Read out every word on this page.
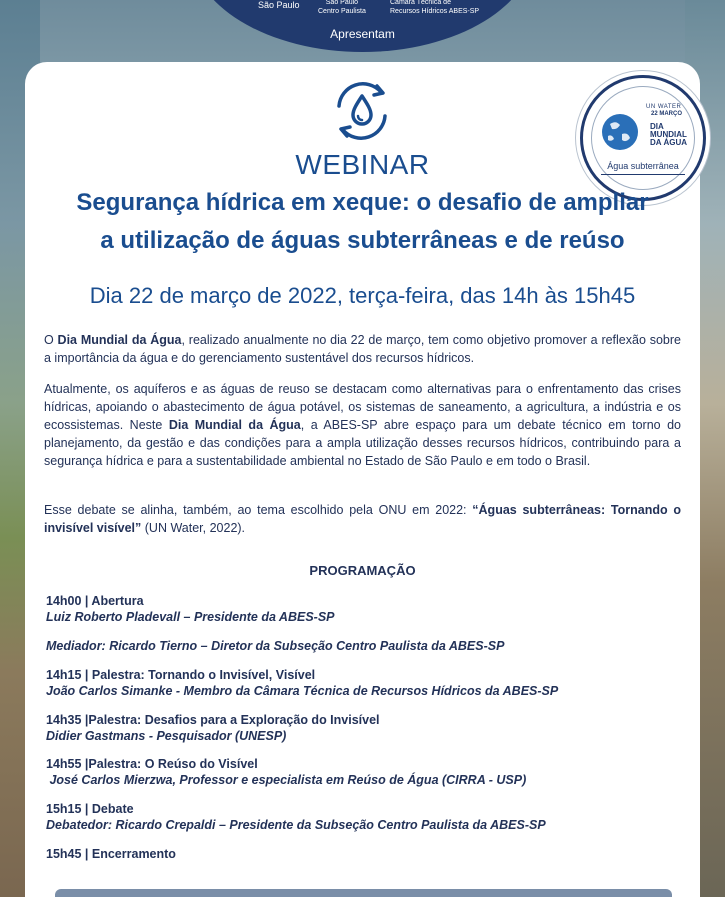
São Paulo	São Paulo
Centro Paulista
Câmara Técnica de
Recursos Hídricos ABES-SP
Apresentam
UN WATER
22 MARÇO
DIA
MUNDIAL
DA ÁGUA
Água subterrânea
WEBINAR
Segurança hídrica em xeque: o desafio de ampliar
a utilização de águas subterrâneas e de reúso
Dia 22 de março de 2022, terça-feira, das 14h às 15h45
O Dia Mundial da Água, realizado anualmente no dia 22 de março, tem como objetivo promover a reflexão sobre a importância da água e do gerenciamento sustentável dos recursos hídricos.
Atualmente, os aquíferos e as águas de reuso se destacam como alternativas para o enfrentamento das crises hídricas, apoiando o abastecimento de água potável, os sistemas de saneamento, a agricultura, a indústria e os ecossistemas. Neste Dia Mundial da Água, a ABES-SP abre espaço para um debate técnico em torno do planejamento, da gestão e das condições para a ampla utilização desses recursos hídricos, contribuindo para a segurança hídrica e para a sustentabilidade ambiental no Estado de São Paulo e em todo o Brasil.
Esse debate se alinha, também, ao tema escolhido pela ONU em 2022: “Águas subterrâneas: Tornando o invisível visível” (UN Water, 2022).
PROGRAMAÇÃO
14h00 | Abertura
Luiz Roberto Pladevall – Presidente da ABES-SP
Mediador: Ricardo Tierno – Diretor da Subseção Centro Paulista da ABES-SP
14h15 | Palestra: Tornando o Invisível, Visível
João Carlos Simanke - Membro da Câmara Técnica de Recursos Hídricos da ABES-SP
14h35 |Palestra: Desafios para a Exploração do Invisível
Didier Gastmans - Pesquisador (UNESP)
14h55 |Palestra: O Reúso do Visível
José Carlos Mierzwa, Professor e especialista em Reúso de Água (CIRRA - USP)
15h15 | Debate
Debatedor: Ricardo Crepaldi – Presidente da Subseção Centro Paulista da ABES-SP
15h45 | Encerramento
